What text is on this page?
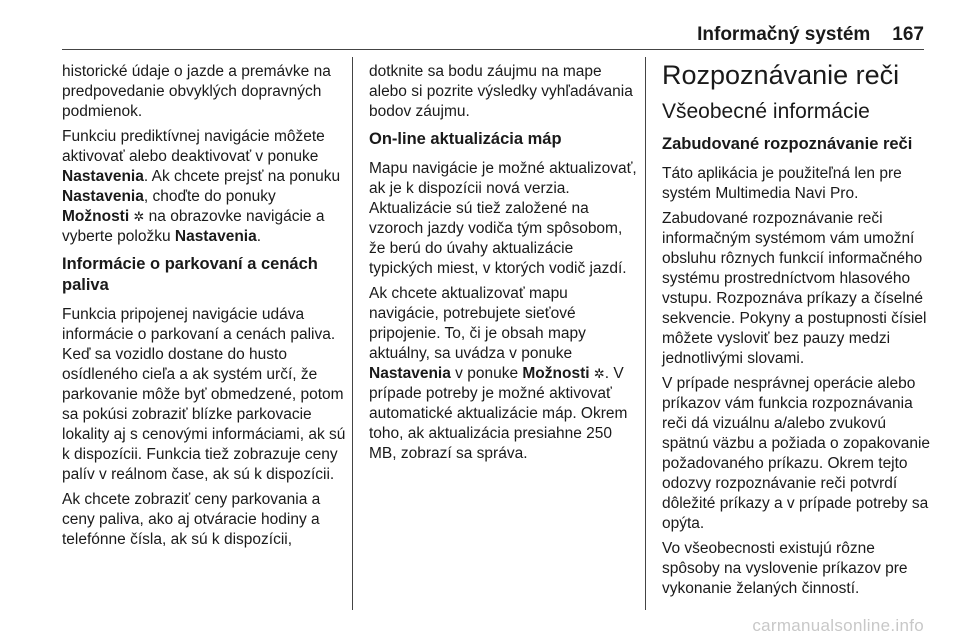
Informačný systém 167

historické údaje o jazde a premávke na predpovedanie obvyklých dopravných podmienok.

Funkciu prediktívnej navigácie môžete aktivovať alebo deaktivovať v ponuke Nastavenia. Ak chcete prejsť na ponuku Nastavenia, choďte do ponuky Možnosti ✲ na obrazovke navigácie a vyberte položku Nastavenia.

Informácie o parkovaní a cenách paliva

Funkcia pripojenej navigácie udáva informácie o parkovaní a cenách paliva. Keď sa vozidlo dostane do husto osídleného cieľa a ak systém určí, že parkovanie môže byť obmedzené, potom sa pokúsi zobraziť blízke parkovacie lokality aj s cenovými informáciami, ak sú k dispozícii. Funkcia tiež zobrazuje ceny palív v reálnom čase, ak sú k dispozícii.

Ak chcete zobraziť ceny parkovania a ceny paliva, ako aj otváracie hodiny a telefónne čísla, ak sú k dispozícii,

dotknite sa bodu záujmu na mape alebo si pozrite výsledky vyhľadávania bodov záujmu.

On-line aktualizácia máp

Mapu navigácie je možné aktualizovať, ak je k dispozícii nová verzia. Aktualizácie sú tiež založené na vzoroch jazdy vodiča tým spôsobom, že berú do úvahy aktualizácie typických miest, v ktorých vodič jazdí.

Ak chcete aktualizovať mapu navigácie, potrebujete sieťové pripojenie. To, či je obsah mapy aktuálny, sa uvádza v ponuke Nastavenia v ponuke Možnosti ✲. V prípade potreby je možné aktivovať automatické aktualizácie máp. Okrem toho, ak aktualizácia presiahne 250 MB, zobrazí sa správa.

Rozpoznávanie reči
Všeobecné informácie
Zabudované rozpoznávanie reči

Táto aplikácia je použiteľná len pre systém Multimedia Navi Pro.

Zabudované rozpoznávanie reči informačným systémom vám umožní obsluhu rôznych funkcií informačného systému prostredníctvom hlasového vstupu. Rozpoznáva príkazy a číselné sekvencie. Pokyny a postupnosti čísiel môžete vysloviť bez pauzy medzi jednotlivými slovami.

V prípade nesprávnej operácie alebo príkazov vám funkcia rozpoznávania reči dá vizuálnu a/alebo zvukovú spätnú väzbu a požiada o zopakovanie požadovaného príkazu. Okrem tejto odozvy rozpoznávanie reči potvrdí dôležité príkazy a v prípade potreby sa opýta.

Vo všeobecnosti existujú rôzne spôsoby na vyslovenie príkazov pre vykonanie želaných činností.

carmanualsonline.info
